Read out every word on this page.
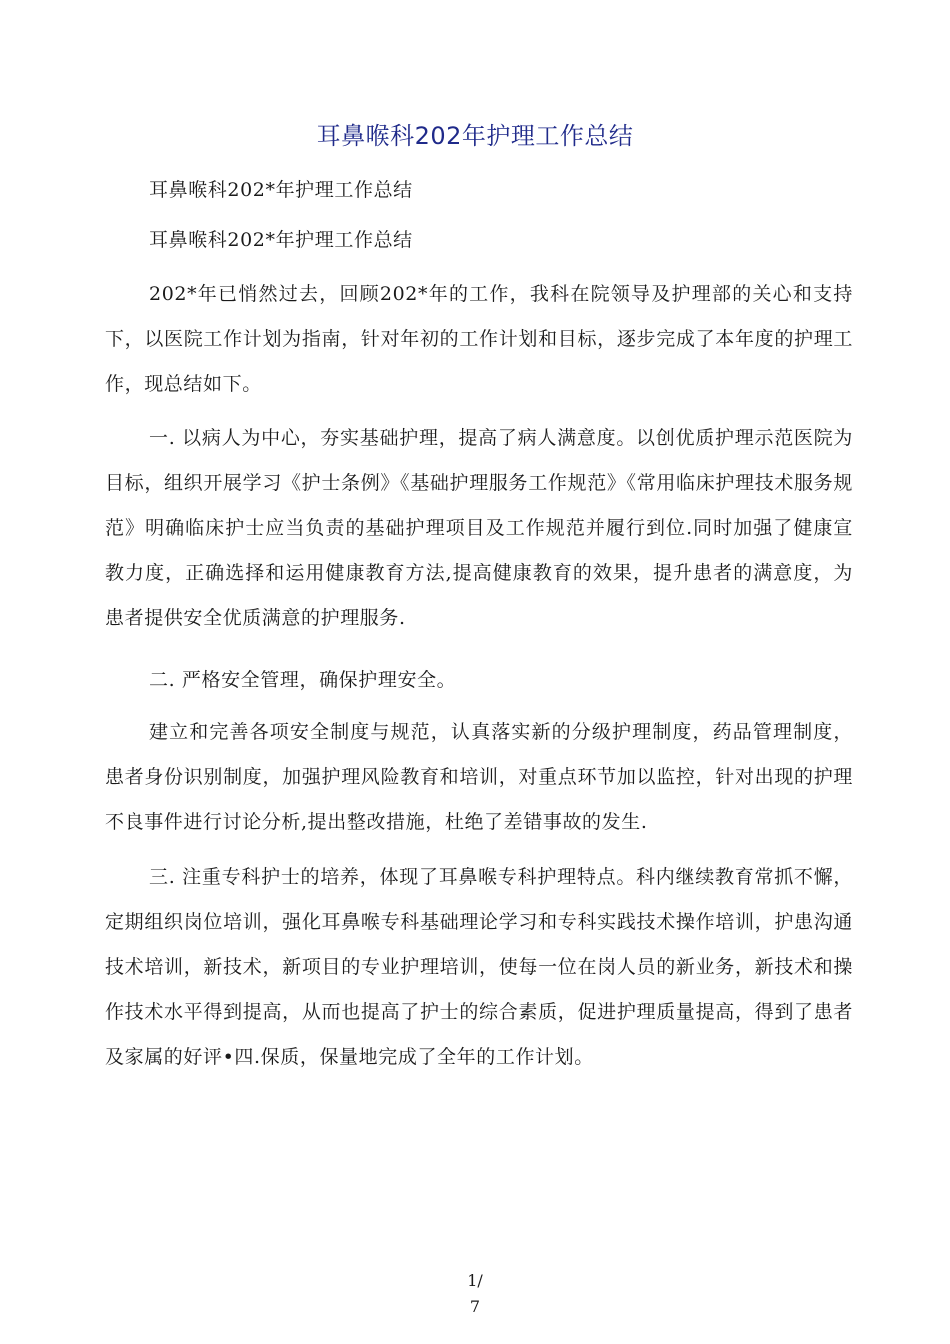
耳鼻喉科202年护理工作总结

耳鼻喉科202*年护理工作总结

耳鼻喉科202*年护理工作总结

202*年已悄然过去，回顾202*年的工作，我科在院领导及护理部的关心和支持下，以医院工作计划为指南，针对年初的工作计划和目标，逐步完成了本年度的护理工作，现总结如下。

一. 以病人为中心，夯实基础护理，提高了病人满意度。以创优质护理示范医院为目标，组织开展学习《护士条例》《基础护理服务工作规范》《常用临床护理技术服务规范》明确临床护士应当负责的基础护理项目及工作规范并履行到位.同时加强了健康宣教力度，正确选择和运用健康教育方法,提高健康教育的效果，提升患者的满意度，为患者提供安全优质满意的护理服务.

二. 严格安全管理，确保护理安全。

建立和完善各项安全制度与规范，认真落实新的分级护理制度，药品管理制度，患者身份识别制度，加强护理风险教育和培训，对重点环节加以监控，针对出现的护理不良事件进行讨论分析,提出整改措施，杜绝了差错事故的发生.

三. 注重专科护士的培养，体现了耳鼻喉专科护理特点。科内继续教育常抓不懈，定期组织岗位培训，强化耳鼻喉专科基础理论学习和专科实践技术操作培训，护患沟通技术培训，新技术，新项目的专业护理培训，使每一位在岗人员的新业务，新技术和操作技术水平得到提高，从而也提高了护士的综合素质，促进护理质量提高，得到了患者及家属的好评•四.保质，保量地完成了全年的工作计划。

1/
7
